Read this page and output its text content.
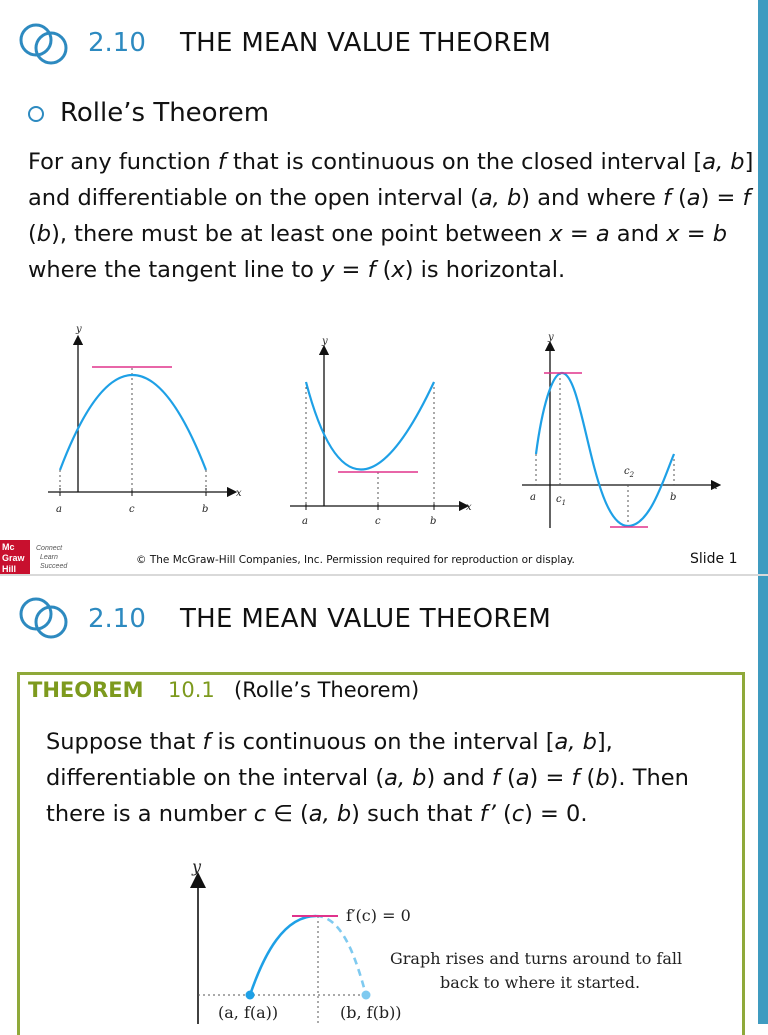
2.10 THE MEAN VALUE THEOREM
Rolle’s Theorem
For any function f that is continuous on the closed interval [a, b] and differentiable on the open interval (a, b) and where f (a) = f (b), there must be at least one point between x = a and x = b where the tangent line to y = f (x) is horizontal.
y
x
a	c	b
y
x
a	c	b
y
x
a $c_1$
$c_2$
b
Mc
Graw
Hill
Connect
Learn
Succeed
© The McGraw-Hill Companies, Inc. Permission required for reproduction or display.	Slide 1
2.10 THE MEAN VALUE THEOREM
THEOREM 10.1 (Rolle’s Theorem)
Suppose that f is continuous on the interval [a, b], differentiable on the interval (a, b) and f (a) = f (b). Then there is a number c ∈ (a, b) such that f’ (c) = 0.
y
f′(c) = 0
Graph rises and turns around to fall
back to where it started.
(a, f(a))	(b, f(b))
